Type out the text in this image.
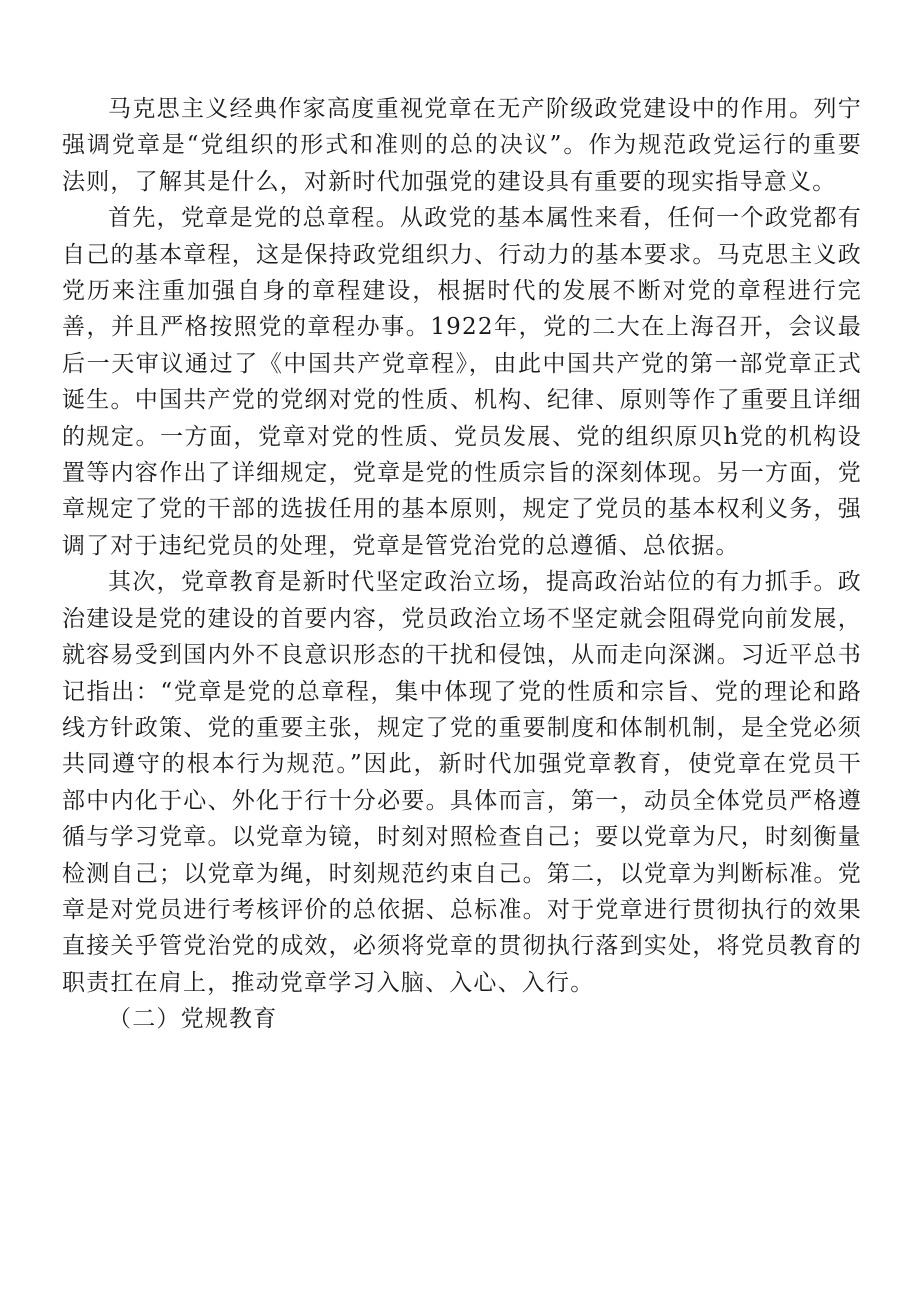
马克思主义经典作家高度重视党章在无产阶级政党建设中的作用。列宁强调党章是“党组织的形式和准则的总的决议”。作为规范政党运行的重要法则，了解其是什么，对新时代加强党的建设具有重要的现实指导意义。

首先，党章是党的总章程。从政党的基本属性来看，任何一个政党都有自己的基本章程，这是保持政党组织力、行动力的基本要求。马克思主义政党历来注重加强自身的章程建设，根据时代的发展不断对党的章程进行完善，并且严格按照党的章程办事。1922年，党的二大在上海召开，会议最后一天审议通过了《中国共产党章程》，由此中国共产党的第一部党章正式诞生。中国共产党的党纲对党的性质、机构、纪律、原则等作了重要且详细的规定。一方面，党章对党的性质、党员发展、党的组织原贝h党的机构设置等内容作出了详细规定，党章是党的性质宗旨的深刻体现。另一方面，党章规定了党的干部的选拔任用的基本原则，规定了党员的基本权利义务，强调了对于违纪党员的处理，党章是管党治党的总遵循、总依据。

其次，党章教育是新时代坚定政治立场，提高政治站位的有力抓手。政治建设是党的建设的首要内容，党员政治立场不坚定就会阻碍党向前发展，就容易受到国内外不良意识形态的干扰和侵蚀，从而走向深渊。习近平总书记指出：“党章是党的总章程，集中体现了党的性质和宗旨、党的理论和路线方针政策、党的重要主张，规定了党的重要制度和体制机制，是全党必须共同遵守的根本行为规范。”因此，新时代加强党章教育，使党章在党员干部中内化于心、外化于行十分必要。具体而言，第一，动员全体党员严格遵循与学习党章。以党章为镜，时刻对照检查自己；要以党章为尺，时刻衡量检测自己；以党章为绳，时刻规范约束自己。第二，以党章为判断标准。党章是对党员进行考核评价的总依据、总标准。对于党章进行贯彻执行的效果直接关乎管党治党的成效，必须将党章的贯彻执行落到实处，将党员教育的职责扛在肩上，推动党章学习入脑、入心、入行。

（二）党规教育
